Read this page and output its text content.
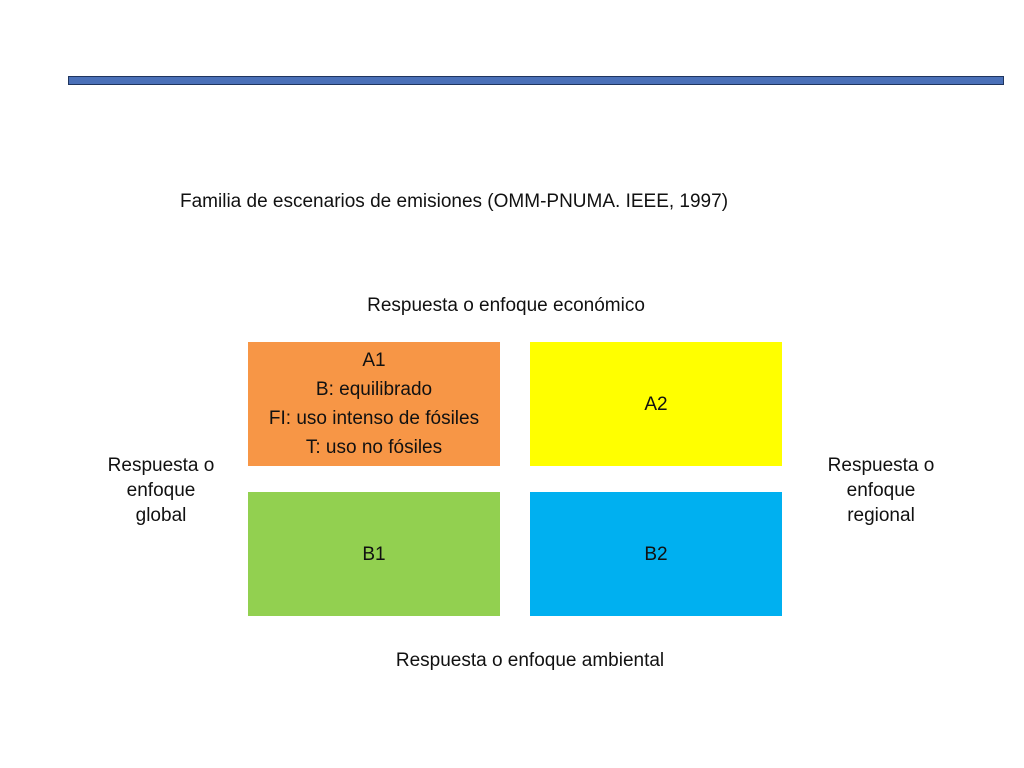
Familia de escenarios de emisiones (OMM-PNUMA. IEEE, 1997)
Respuesta o enfoque económico
Respuesta o
enfoque
global
Respuesta o
enfoque
regional
A1
B: equilibrado
FI: uso intenso de fósiles
T: uso no fósiles
A2
B1	B2
Respuesta o enfoque ambiental
